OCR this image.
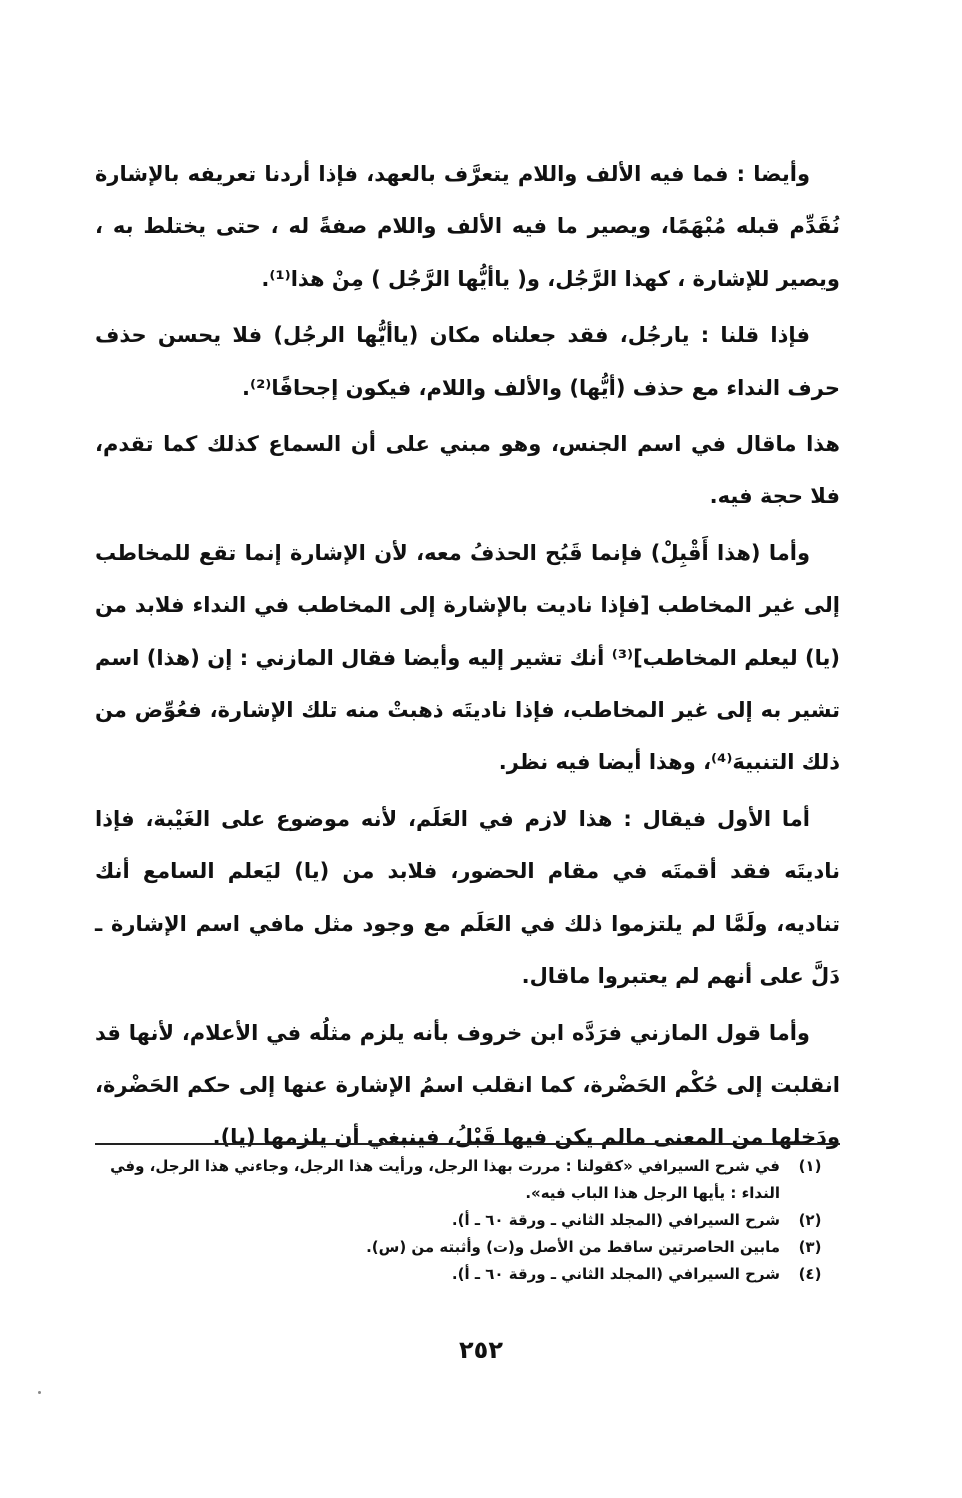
وأيضا : فما فيه الألف واللام يتعرَّف بالعهد، فإذا أردنا تعريفه بالإشارة نُقَدِّم قبله مُبْهَمًا، ويصير ما فيه الألف واللام صفةً له ، حتى يختلط به ، ويصير للإشارة ، كهذا الرَّجُل، و( ياأيُّها الرَّجُل ) مِنْ هذا⁽¹⁾.

فإذا قلنا : يارجُل، فقد جعلناه مكان (ياأيُّها الرجُل) فلا يحسن حذف حرف النداء مع حذف (أيُّها) والألف واللام، فيكون إجحافًا⁽²⁾.

هذا ماقال في اسم الجنس، وهو مبني على أن السماع كذلك كما تقدم، فلا حجة فيه.

وأما (هذا أَقْبِلْ) فإنما قَبُح الحذفُ معه، لأن الإشارة إنما تقع للمخاطب إلى غير المخاطب [فإذا ناديت بالإشارة إلى المخاطب في النداء فلابد من (يا) ليعلم المخاطب]⁽³⁾ أنك تشير إليه وأيضا فقال المازني : إن (هذا) اسم تشير به إلى غير المخاطب، فإذا ناديتَه ذهبتْ منه تلك الإشارة، فعُوِّض من ذلك التنبيهَ⁽⁴⁾، وهذا أيضا فيه نظر.

أما الأول فيقال : هذا لازم في العَلَم، لأنه موضوع على الغَيْبة، فإذا ناديتَه فقد أقمتَه في مقام الحضور، فلابد من (يا) ليَعلم السامع أنك تناديه، ولَمَّا لم يلتزموا ذلك في العَلَم مع وجود مثل مافي اسم الإشارة ـ دَلَّ على أنهم لم يعتبروا ماقال.

وأما قول المازني فرَدَّه ابن خروف بأنه يلزم مثلُه في الأعلام، لأنها قد انقلبت إلى حُكْم الحَضْرة، كما انقلب اسمُ الإشارة عنها إلى حكم الحَضْرة، ودَخلها من المعنى مالم يكن فيها قَبْلُ، فينبغي أن يلزمها (يا).

(١)
في شرح السيرافي «كقولنا : مررت بهذا الرجل، ورأيت هذا الرجل، وجاءني هذا الرجل، وفي النداء : يأيها الرجل هذا الباب فيه».
(٢)
شرح السيرافي (المجلد الثاني ـ ورقة ٦٠ ـ أ).
(٣)
مابين الحاصرتين ساقط من الأصل و(ت) وأثبته من (س).
(٤)
شرح السيرافي (المجلد الثاني ـ ورقة ٦٠ ـ أ).
٢٥٢
